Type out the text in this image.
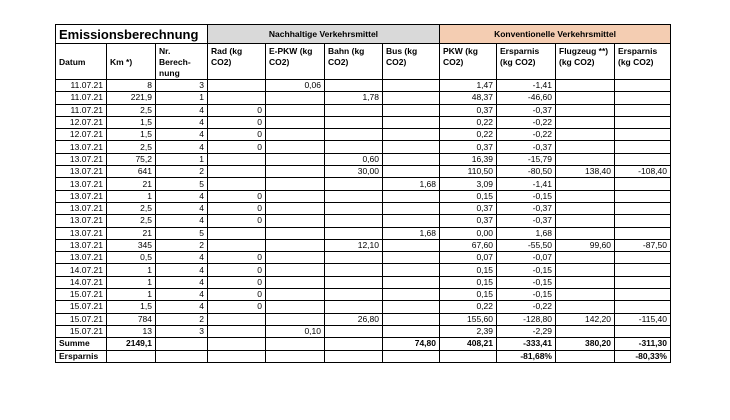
Emissionsberechnung			Nachhaltige Verkehrsmittel				Konventionelle Verkehrsmittel			
Datum	Km *)	Nr. Berech-nung	Rad (kg CO2)	E-PKW (kg CO2)	Bahn (kg CO2)	Bus (kg CO2)	PKW (kg CO2)	Ersparnis (kg CO2)	Flugzeug **) (kg CO2)	Ersparnis (kg CO2)
11.07.21	8	3		0,06			1,47	-1,41		
11.07.21	221,9	1			1,78		48,37	-46,60		
11.07.21	2,5	4	0				0,37	-0,37		
12.07.21	1,5	4	0				0,22	-0,22		
12.07.21	1,5	4	0				0,22	-0,22		
13.07.21	2,5	4	0				0,37	-0,37		
13.07.21	75,2	1			0,60		16,39	-15,79		
13.07.21	641	2			30,00		110,50	-80,50	138,40	-108,40
13.07.21	21	5				1,68	3,09	-1,41		
13.07.21	1	4	0				0,15	-0,15		
13.07.21	2,5	4	0				0,37	-0,37		
13.07.21	2,5	4	0				0,37	-0,37		
13.07.21	21	5				1,68	0,00	1,68		
13.07.21	345	2			12,10		67,60	-55,50	99,60	-87,50
13.07.21	0,5	4	0				0,07	-0,07		
14.07.21	1	4	0				0,15	-0,15		
14.07.21	1	4	0				0,15	-0,15		
15.07.21	1	4	0				0,15	-0,15		
15.07.21	1,5	4	0				0,22	-0,22		
15.07.21	784	2			26,80		155,60	-128,80	142,20	-115,40
15.07.21	13	3		0,10			2,39	-2,29		
Summe	2149,1					74,80	408,21	-333,41	380,20	-311,30
Ersparnis								-81,68%		-80,33%
